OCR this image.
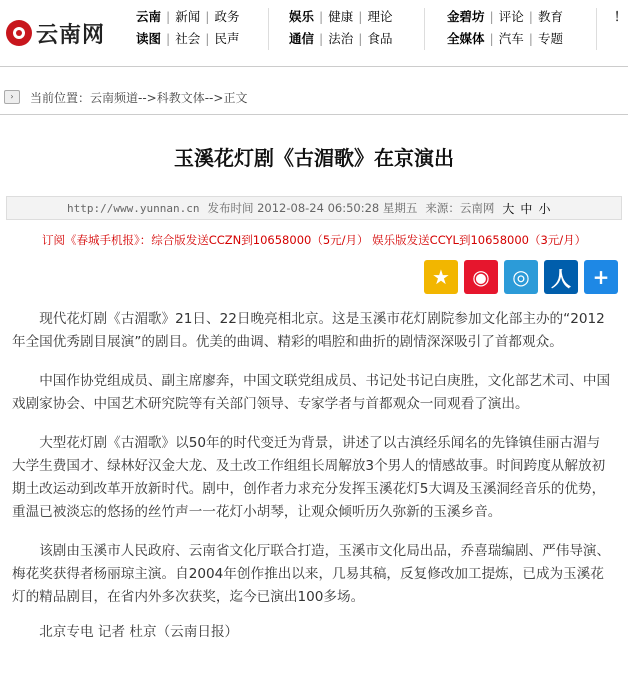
云南网
云南 | 新闻 | 政务
读图 | 社会 | 民声
娱乐 | 健康 | 理论
通信 | 法治 | 食品
金碧坊 | 评论 | 教育
全媒体 | 汽车 | 专题
！
›	当前位置： 云南频道-->科教文体-->正文
玉溪花灯剧《古湄歌》在京演出
http://www.yunnan.cn 发布时间 2012-08-24 06:50:28 星期五 来源：云南网 大 中 小
订阅《春城手机报》：综合版发送CCZN到10658000（5元/月） 娱乐版发送CCYL到10658000（3元/月）
★	◉	◎	人	+

现代花灯剧《古湄歌》21日、22日晚亮相北京。这是玉溪市花灯剧院参加文化部主办的“2012年全国优秀剧目展演”的剧目。优美的曲调、精彩的唱腔和曲折的剧情深深吸引了首都观众。

中国作协党组成员、副主席廖奔，中国文联党组成员、书记处书记白庚胜，文化部艺术司、中国戏剧家协会、中国艺术研究院等有关部门领导、专家学者与首都观众一同观看了演出。

大型花灯剧《古湄歌》以50年的时代变迁为背景，讲述了以古滇经乐闻名的先锋镇佳丽古湄与大学生费国才、绿林好汉金大龙、及土改工作组组长周解放3个男人的情感故事。时间跨度从解放初期土改运动到改革开放新时代。剧中，创作者力求充分发挥玉溪花灯5大调及玉溪洞经音乐的优势，重温已被淡忘的悠扬的丝竹声一一花灯小胡琴，让观众倾听历久弥新的玉溪乡音。

该剧由玉溪市人民政府、云南省文化厅联合打造，玉溪市文化局出品，乔喜瑞编剧、严伟导演、梅花奖获得者杨丽琼主演。自2004年创作推出以来，几易其稿，反复修改加工提炼，已成为玉溪花灯的精品剧目，在省内外多次获奖，迄今已演出100多场。

北京专电 记者 杜京（云南日报）
